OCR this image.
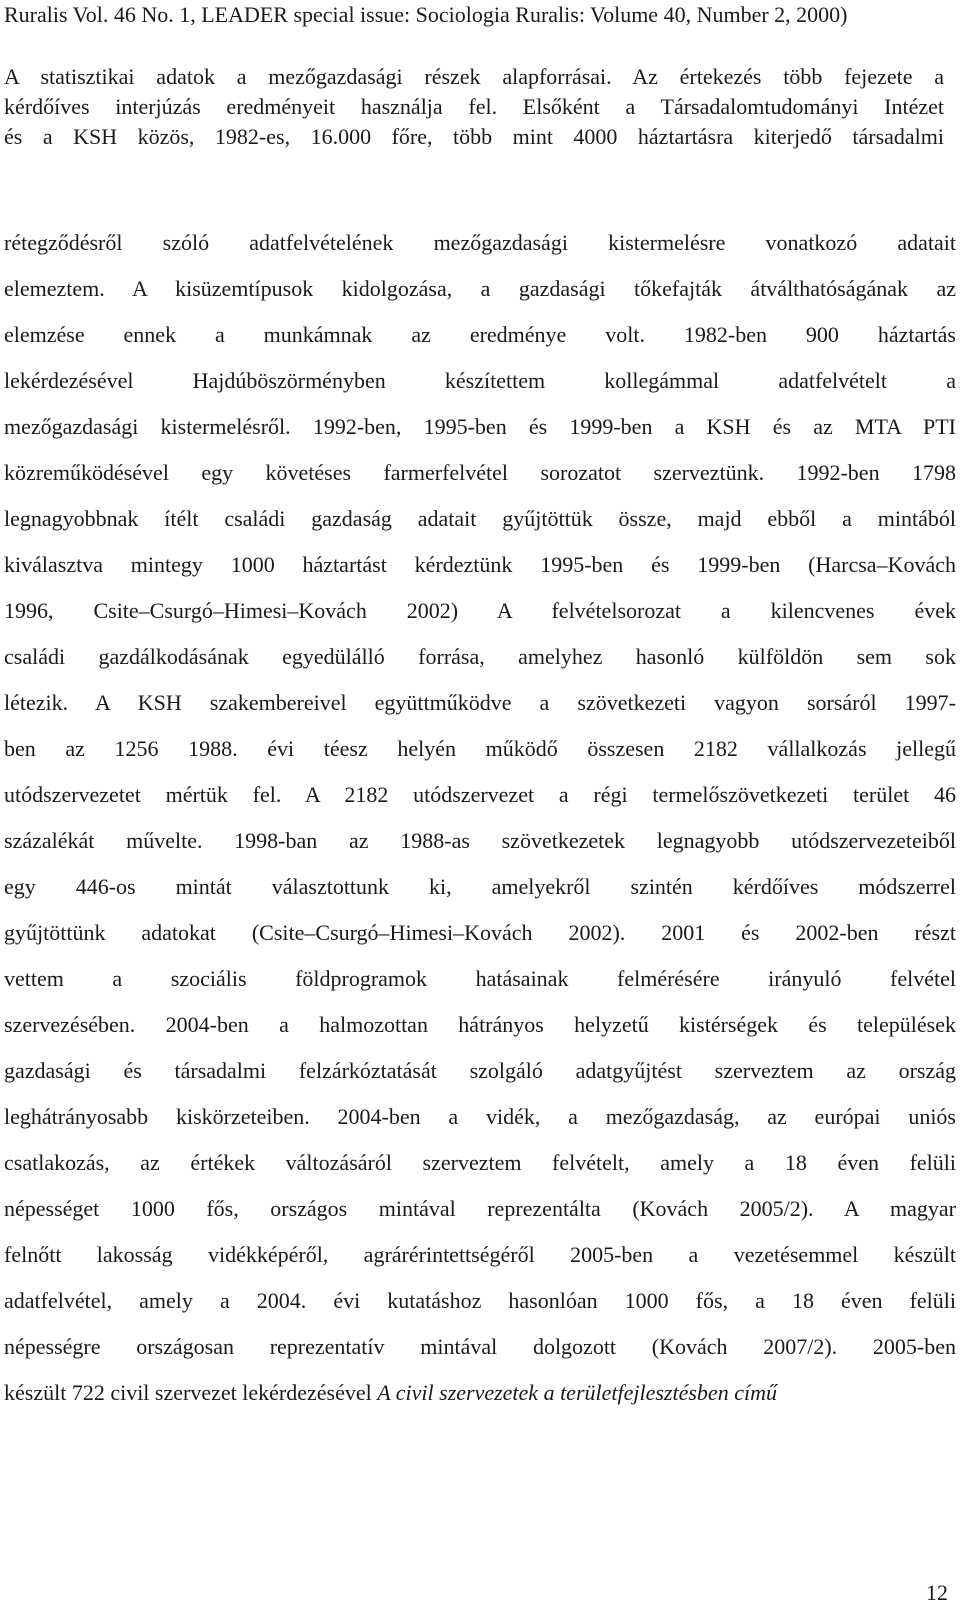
Ruralis Vol. 46 No. 1, LEADER special issue: Sociologia Ruralis: Volume 40, Number 2, 2000)

A statisztikai adatok a mezőgazdasági részek alapforrásai. Az értekezés több fejezete a
kérdőíves interjúzás eredményeit használja fel. Elsőként a Társadalomtudományi Intézet
és a KSH közös, 1982-es, 16.000 főre, több mint 4000 háztartásra kiterjedő társadalmi
rétegződésről szóló adatfelvételének mezőgazdasági kistermelésre vonatkozó adatait
elemeztem. A kisüzemtípusok kidolgozása, a gazdasági tőkefajták átválthatóságának az
elemzése ennek a munkámnak az eredménye volt. 1982-ben 900 háztartás
lekérdezésével Hajdúböszörményben készítettem kollegámmal adatfelvételt a
mezőgazdasági kistermelésről. 1992-ben, 1995-ben és 1999-ben a KSH és az MTA PTI
közreműködésével egy követéses farmerfelvétel sorozatot szerveztünk. 1992-ben 1798
legnagyobbnak ítélt családi gazdaság adatait gyűjtöttük össze, majd ebből a mintából
kiválasztva mintegy 1000 háztartást kérdeztünk 1995-ben és 1999-ben (Harcsa–Kovách
1996, Csite–Csurgó–Himesi–Kovách 2002) A felvételsorozat a kilencvenes évek
családi gazdálkodásának egyedülálló forrása, amelyhez hasonló külföldön sem sok
létezik. A KSH szakembereivel együttműködve a szövetkezeti vagyon sorsáról 1997-
ben az 1256 1988. évi téesz helyén működő összesen 2182 vállalkozás jellegű
utódszervezetet mértük fel. A 2182 utódszervezet a régi termelőszövetkezeti terület 46
százalékát művelte. 1998-ban az 1988-as szövetkezetek legnagyobb utódszervezeteiből
egy 446-os mintát választottunk ki, amelyekről szintén kérdőíves módszerrel
gyűjtöttünk adatokat (Csite–Csurgó–Himesi–Kovách 2002). 2001 és 2002-ben részt
vettem a szociális földprogramok hatásainak felmérésére irányuló felvétel
szervezésében. 2004-ben a halmozottan hátrányos helyzetű kistérségek és települések
gazdasági és társadalmi felzárkóztatását szolgáló adatgyűjtést szerveztem az ország
leghátrányosabb kiskörzeteiben. 2004-ben a vidék, a mezőgazdaság, az európai uniós
csatlakozás, az értékek változásáról szerveztem felvételt, amely a 18 éven felüli
népességet 1000 fős, országos mintával reprezentálta (Kovách 2005/2). A magyar
felnőtt lakosság vidékképéről, agrárérintettségéről 2005-ben a vezetésemmel készült
adatfelvétel, amely a 2004. évi kutatáshoz hasonlóan 1000 fős, a 18 éven felüli
népességre országosan reprezentatív mintával dolgozott (Kovách 2007/2). 2005-ben
készült 722 civil szervezet lekérdezésével A civil szervezetek a területfejlesztésben című

12
